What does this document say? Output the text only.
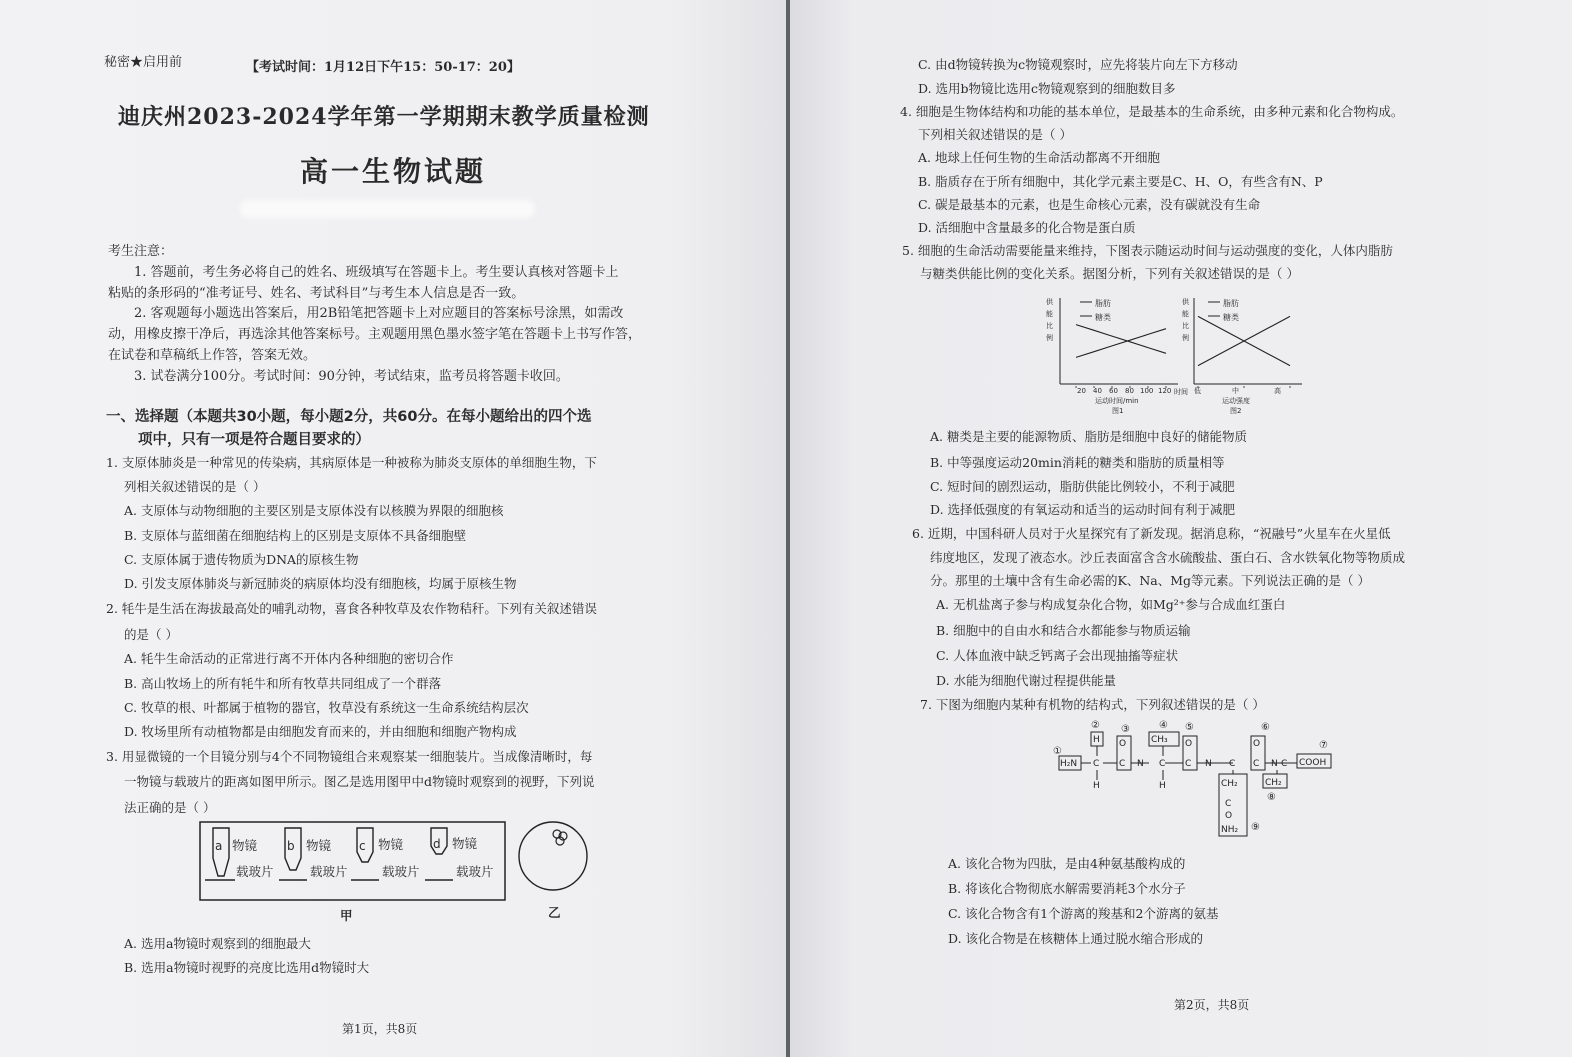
秘密★启用前	【考试时间：1月12日下午15：50-17：20】
迪庆州2023-2024学年第一学期期末教学质量检测
高一生物试题
考生注意：
1. 答题前，考生务必将自己的姓名、班级填写在答题卡上。考生要认真核对答题卡上
粘贴的条形码的“准考证号、姓名、考试科目”与考生本人信息是否一致。
2. 客观题每小题选出答案后，用2B铅笔把答题卡上对应题目的答案标号涂黑，如需改
动，用橡皮擦干净后，再选涂其他答案标号。主观题用黑色墨水签字笔在答题卡上书写作答，
在试卷和草稿纸上作答，答案无效。
3. 试卷满分100分。考试时间：90分钟，考试结束，监考员将答题卡收回。
一、选择题（本题共30小题，每小题2分，共60分。在每小题给出的四个选
项中，只有一项是符合题目要求的）
1. 支原体肺炎是一种常见的传染病，其病原体是一种被称为肺炎支原体的单细胞生物，下
列相关叙述错误的是（ ）
A. 支原体与动物细胞的主要区别是支原体没有以核膜为界限的细胞核
B. 支原体与蓝细菌在细胞结构上的区别是支原体不具备细胞壁
C. 支原体属于遗传物质为DNA的原核生物
D. 引发支原体肺炎与新冠肺炎的病原体均没有细胞核，均属于原核生物
2. 牦牛是生活在海拔最高处的哺乳动物，喜食各种牧草及农作物秸秆。下列有关叙述错误
的是（ ）
A. 牦牛生命活动的正常进行离不开体内各种细胞的密切合作
B. 高山牧场上的所有牦牛和所有牧草共同组成了一个群落
C. 牧草的根、叶都属于植物的器官，牧草没有系统这一生命系统结构层次
D. 牧场里所有动植物都是由细胞发育而来的，并由细胞和细胞产物构成
3. 用显微镜的一个目镜分别与4个不同物镜组合来观察某一细胞装片。当成像清晰时，每
一物镜与载玻片的距离如图甲所示。图乙是选用图甲中d物镜时观察到的视野，下列说
法正确的是（ ）
a	b	c	d
物镜	物镜	物镜	物镜
载玻片	载玻片	载玻片	载玻片
甲	乙
A. 选用a物镜时观察到的细胞最大
B. 选用a物镜时视野的亮度比选用d物镜时大
第1页，共8页
C. 由d物镜转换为c物镜观察时，应先将装片向左下方移动
D. 选用b物镜比选用c物镜观察到的细胞数目多
4. 细胞是生物体结构和功能的基本单位，是最基本的生命系统，由多种元素和化合物构成。
下列相关叙述错误的是（ ）
A. 地球上任何生物的生命活动都离不开细胞
B. 脂质存在于所有细胞中，其化学元素主要是C、H、O，有些含有N、P
C. 碳是最基本的元素，也是生命核心元素，没有碳就没有生命
D. 活细胞中含量最多的化合物是蛋白质
5. 细胞的生命活动需要能量来维持，下图表示随运动时间与运动强度的变化，人体内脂肪
与糖类供能比例的变化关系。据图分析，下列有关叙述错误的是（ ）
供
能
比
例
脂肪
糖类
20 40 60 80 100 120 时间
运动时间/min
图1
供
能
比
例
脂肪
糖类
低	中	高
运动强度
图2
A. 糖类是主要的能源物质、脂肪是细胞中良好的储能物质
B. 中等强度运动20min消耗的糖类和脂肪的质量相等
C. 短时间的剧烈运动，脂肪供能比例较小，不利于减肥
D. 选择低强度的有氧运动和适当的运动时间有利于减肥
6. 近期，中国科研人员对于火星探究有了新发现。据消息称，“祝融号”火星车在火星低
纬度地区，发现了液态水。沙丘表面富含含水硫酸盐、蛋白石、含水铁氧化物等物质成
分。那里的土壤中含有生命必需的K、Na、Mg等元素。下列说法正确的是（ ）
A. 无机盐离子参与构成复杂化合物，如Mg²⁺参与合成血红蛋白
B. 细胞中的自由水和结合水都能参与物质运输
C. 人体血液中缺乏钙离子会出现抽搐等症状
D. 水能为细胞代谢过程提供能量
7. 下图为细胞内某种有机物的结构式，下列叙述错误的是（ ）
H₂N
H
C
H
O
C N
CH₃
C
H
O
C N C
O
C N C COOH
CH₂
CH₂
C
O
NH₂
①
② ③	④ ⑤	⑥
⑦
⑧
⑨
A. 该化合物为四肽，是由4种氨基酸构成的
B. 将该化合物彻底水解需要消耗3个水分子
C. 该化合物含有1个游离的羧基和2个游离的氨基
D. 该化合物是在核糖体上通过脱水缩合形成的
第2页，共8页
